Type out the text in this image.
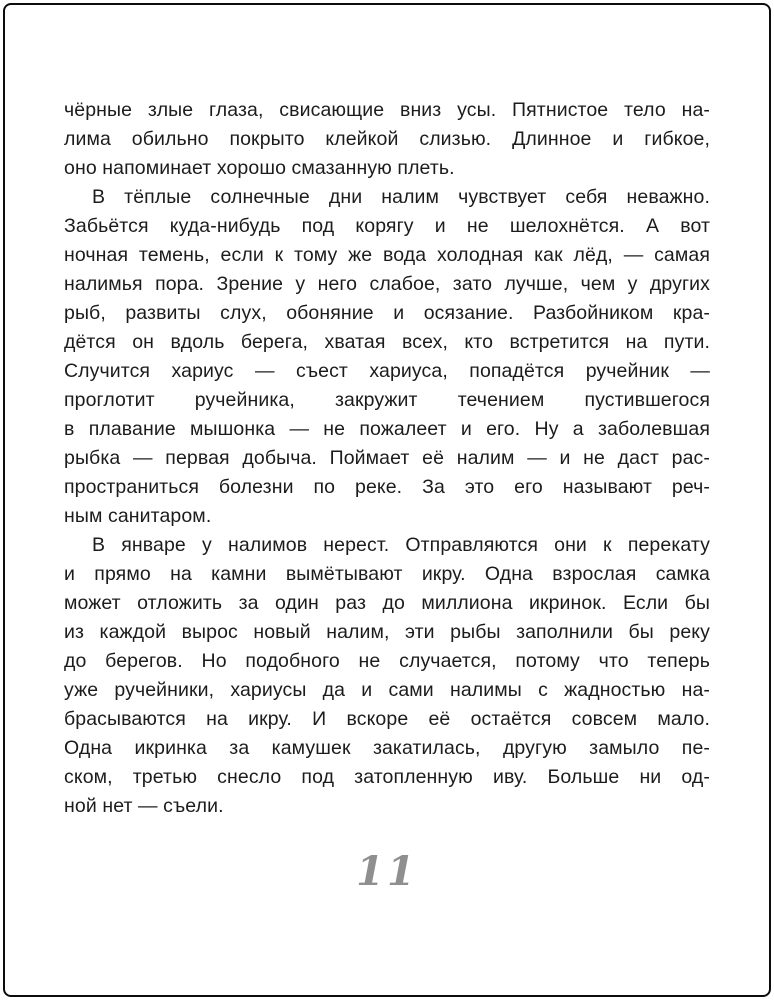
чёрные злые глаза, свисающие вниз усы. Пятнистое тело на-
лима обильно покрыто клейкой слизью. Длинное и гибкое,
оно напоминает хорошо смазанную плеть.
В тёплые солнечные дни налим чувствует себя неважно.
Забьётся куда-нибудь под корягу и не шелохнётся. А вот
ночная темень, если к тому же вода холодная как лёд, — самая
налимья пора. Зрение у него слабое, зато лучше, чем у других
рыб, развиты слух, обоняние и осязание. Разбойником кра-
дётся он вдоль берега, хватая всех, кто встретится на пути.
Случится хариус — съест хариуса, попадётся ручейник —
проглотит ручейника, закружит течением пустившегося
в плавание мышонка — не пожалеет и его. Ну а заболевшая
рыбка — первая добыча. Поймает её налим — и не даст рас-
пространиться болезни по реке. За это его называют реч-
ным санитаром.
В январе у налимов нерест. Отправляются они к перекату
и прямо на камни вымётывают икру. Одна взрослая самка
может отложить за один раз до миллиона икринок. Если бы
из каждой вырос новый налим, эти рыбы заполнили бы реку
до берегов. Но подобного не случается, потому что теперь
уже ручейники, хариусы да и сами налимы с жадностью на-
брасываются на икру. И вскоре её остаётся совсем мало.
Одна икринка за камушек закатилась, другую замыло пе-
ском, третью снесло под затопленную иву. Больше ни од-
ной нет — съели.
11
